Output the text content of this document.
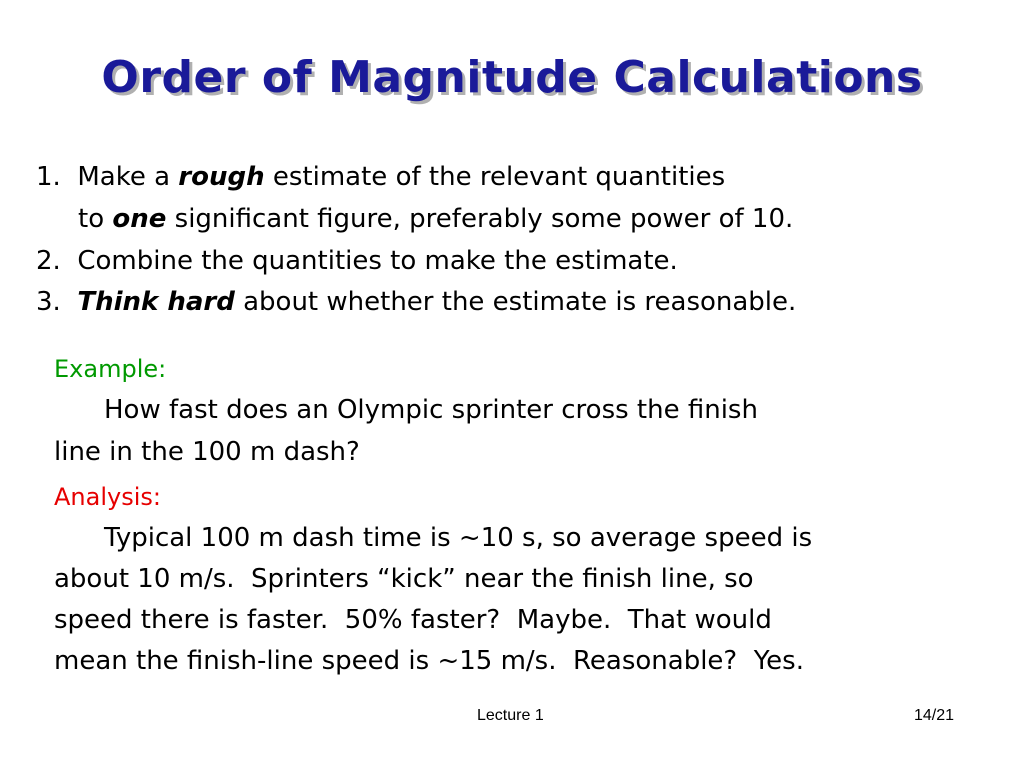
Order of Magnitude Calculations
1. Make a rough estimate of the relevant quantities
to one significant figure, preferably some power of 10.
2. Combine the quantities to make the estimate.
3. Think hard about whether the estimate is reasonable.
Example:
How fast does an Olympic sprinter cross the finish
line in the 100 m dash?
Analysis:
Typical 100 m dash time is ~10 s, so average speed is
about 10 m/s.  Sprinters “kick” near the finish line, so
speed there is faster.  50% faster?  Maybe.  That would
mean the finish-line speed is ~15 m/s.  Reasonable?  Yes.
Lecture 1	14/21
